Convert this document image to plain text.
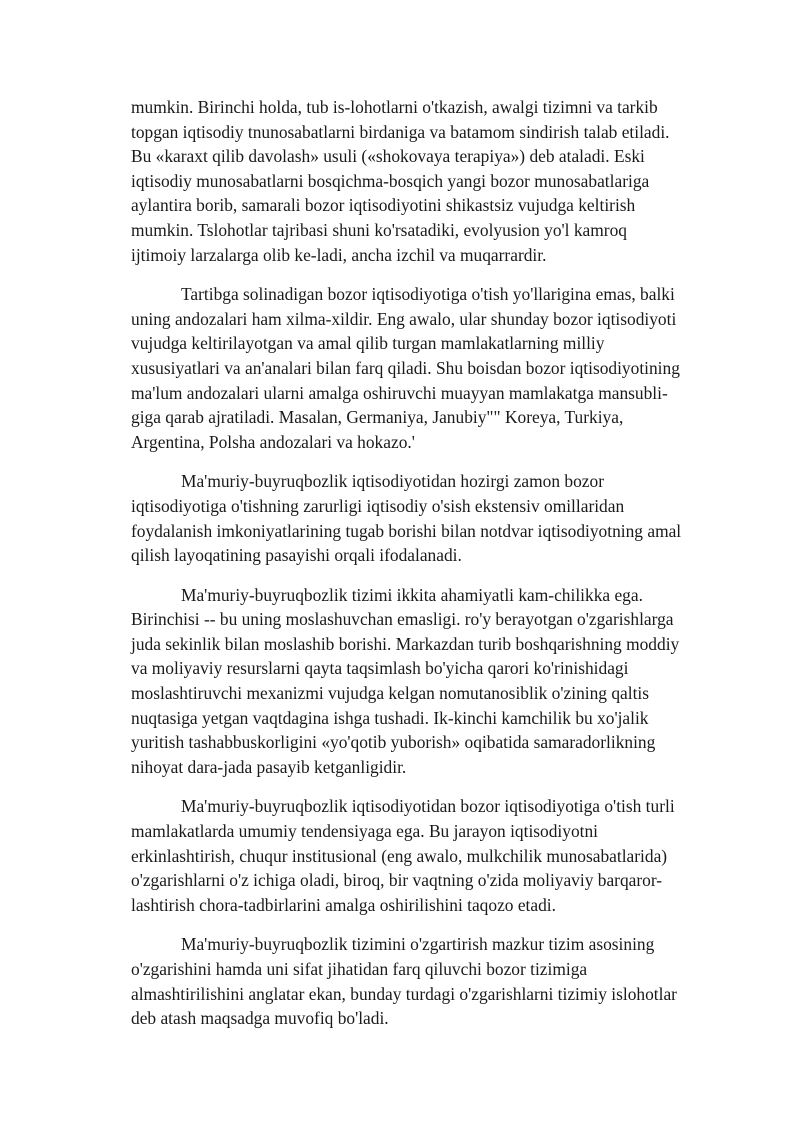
mumkin. Birinchi holda, tub is-lohotlarni o'tkazish, awalgi tizimni va tarkib
topgan iqtisodiy tnunosabatlarni birdaniga va batamom sindirish talab etiladi.
Bu «karaxt qilib davolash» usuli («shokovaya terapiya») deb ataladi. Eski
iqtisodiy munosabatlarni bosqichma-bosqich yangi bozor munosabatlariga
aylantira borib, samarali bozor iqtisodiyotini shikastsiz vujudga keltirish
mumkin. Tslohotlar tajribasi shuni ko'rsatadiki, evolyusion yo'l kamroq
ijtimoiy larzalarga olib ke-ladi, ancha izchil va muqarrardir.

Tartibga solinadigan bozor iqtisodiyotiga o'tish yo'llarigina emas, balki
uning andozalari ham xilma-xildir. Eng awalo, ular shunday bozor iqtisodiyoti
vujudga keltirilayotgan va amal qilib turgan mamlakatlarning milliy
xususiyatlari va an'analari bilan farq qiladi. Shu boisdan bozor iqtisodiyotining
ma'lum andozalari ularni amalga oshiruvchi muayyan mamlakatga mansubli-
giga qarab ajratiladi. Masalan, Germaniya, Janubiy"" Koreya, Turkiya,
Argentina, Polsha andozalari va hokazo.'

Ma'muriy-buyruqbozlik iqtisodiyotidan hozirgi zamon bozor
iqtisodiyotiga o'tishning zarurligi iqtisodiy o'sish ekstensiv omillaridan
foydalanish imkoniyatlarining tugab borishi bilan notdvar iqtisodiyotning amal
qilish layoqatining pasayishi orqali ifodalanadi.

Ma'muriy-buyruqbozlik tizimi ikkita ahamiyatli kam-chilikka ega.
Birinchisi -- bu uning moslashuvchan emasligi. ro'y berayotgan o'zgarishlarga
juda sekinlik bilan moslashib borishi. Markazdan turib boshqarishning moddiy
va moliyaviy resurslarni qayta taqsimlash bo'yicha qarori ko'rinishidagi
moslashtiruvchi mexanizmi vujudga kelgan nomutanosiblik o'zining qaltis
nuqtasiga yetgan vaqtdagina ishga tushadi. Ik-kinchi kamchilik bu xo'jalik
yuritish tashabbuskorligini «yo'qotib yuborish» oqibatida samaradorlikning
nihoyat dara-jada pasayib ketganligidir.

Ma'muriy-buyruqbozlik iqtisodiyotidan bozor iqtisodiyotiga o'tish turli
mamlakatlarda umumiy tendensiyaga ega. Bu jarayon iqtisodiyotni
erkinlashtirish, chuqur institusional (eng awalo, mulkchilik munosabatlarida)
o'zgarishlarni o'z ichiga oladi, biroq, bir vaqtning o'zida moliyaviy barqaror-
lashtirish chora-tadbirlarini amalga oshirilishini taqozo etadi.

Ma'muriy-buyruqbozlik tizimini o'zgartirish mazkur tizim asosining
o'zgarishini hamda uni sifat jihatidan farq qiluvchi bozor tizimiga
almashtirilishini anglatar ekan, bunday turdagi o'zgarishlarni tizimiy islohotlar
deb atash maqsadga muvofiq bo'ladi.
